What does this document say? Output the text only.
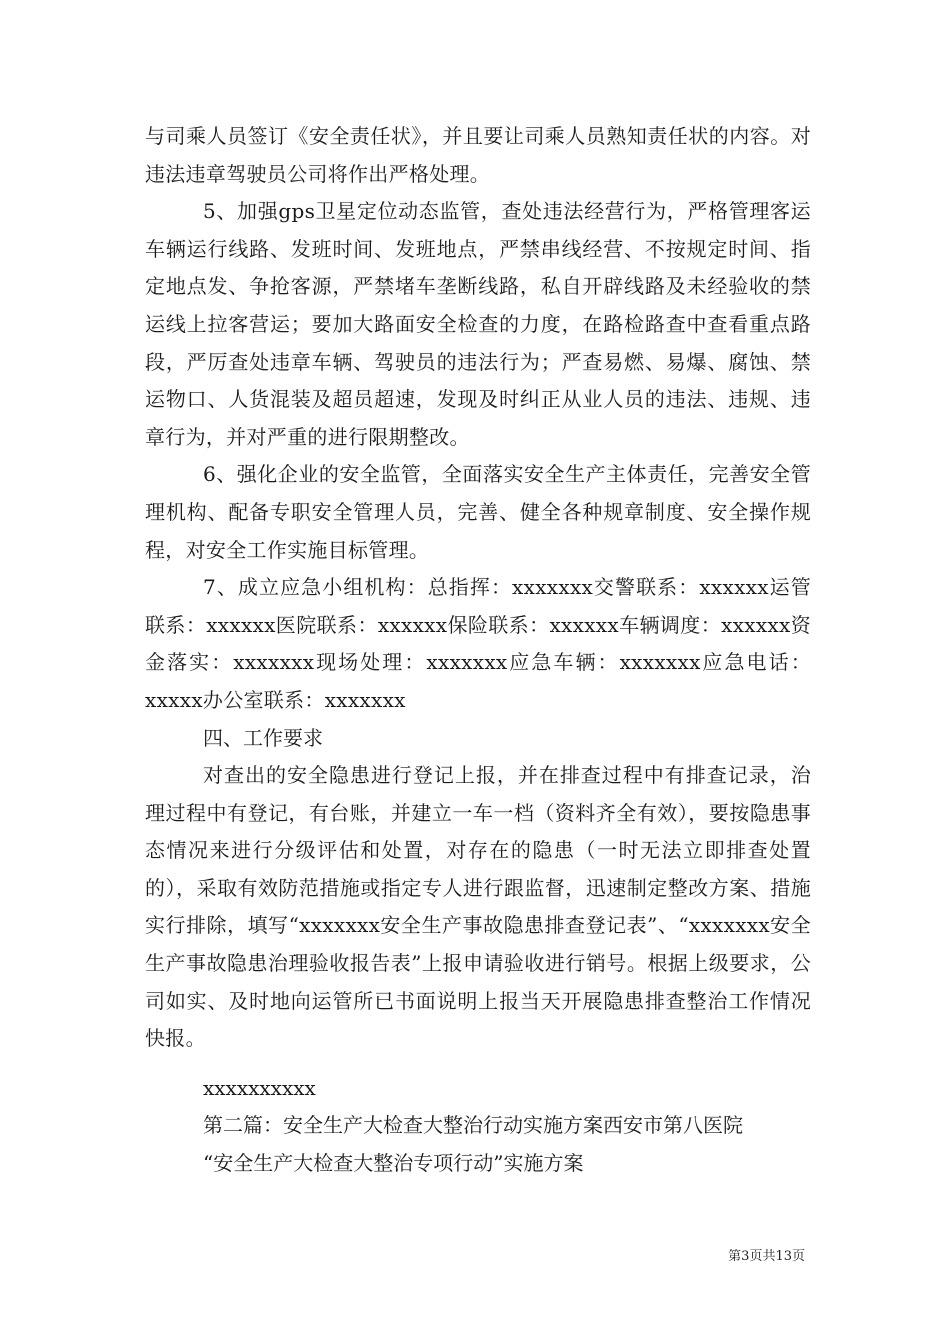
与司乘人员签订《安全责任状》，并且要让司乘人员熟知责任状的内容。对违法违章驾驶员公司将作出严格处理。

5、加强gps卫星定位动态监管，查处违法经营行为，严格管理客运车辆运行线路、发班时间、发班地点，严禁串线经营、不按规定时间、指定地点发、争抢客源，严禁堵车垄断线路，私自开辟线路及未经验收的禁运线上拉客营运；要加大路面安全检查的力度，在路检路查中查看重点路段，严厉查处违章车辆、驾驶员的违法行为；严查易燃、易爆、腐蚀、禁运物口、人货混装及超员超速，发现及时纠正从业人员的违法、违规、违章行为，并对严重的进行限期整改。

6、强化企业的安全监管，全面落实安全生产主体责任，完善安全管理机构、配备专职安全管理人员，完善、健全各种规章制度、安全操作规程，对安全工作实施目标管理。

7、成立应急小组机构：总指挥：xxxxxxx交警联系：xxxxxx运管联系：xxxxxx医院联系：xxxxxx保险联系：xxxxxx车辆调度：xxxxxx资金落实：xxxxxxx现场处理：xxxxxxx应急车辆：xxxxxxx应急电话：xxxxx办公室联系：xxxxxxx

四、工作要求

对查出的安全隐患进行登记上报，并在排查过程中有排查记录，治理过程中有登记，有台账，并建立一车一档（资料齐全有效），要按隐患事态情况来进行分级评估和处置，对存在的隐患（一时无法立即排查处置的），采取有效防范措施或指定专人进行跟监督，迅速制定整改方案、措施实行排除，填写“xxxxxxx安全生产事故隐患排查登记表”、“xxxxxxx安全生产事故隐患治理验收报告表”上报申请验收进行销号。根据上级要求，公司如实、及时地向运管所已书面说明上报当天开展隐患排查整治工作情况快报。

xxxxxxxxxx

第二篇：安全生产大检查大整治行动实施方案西安市第八医院

“安全生产大检查大整治专项行动”实施方案

第3页共13页
